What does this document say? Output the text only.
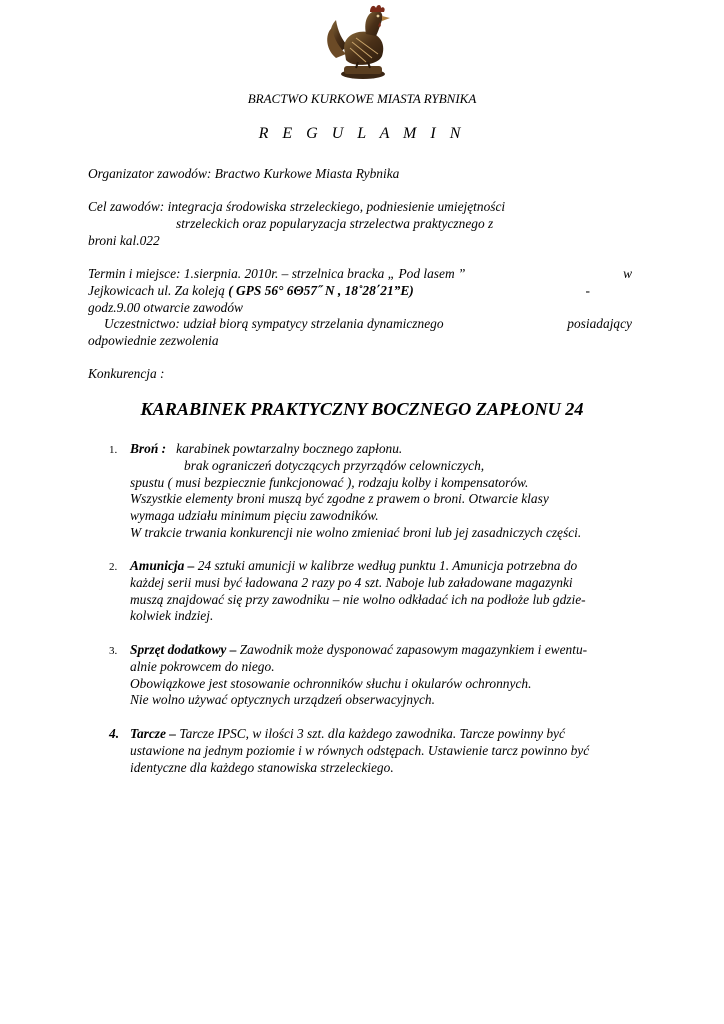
BRACTWO KURKOWE MIASTA RYBNIKA
R E G U L A M I N
Organizator zawodów: Bractwo Kurkowe Miasta Rybnika

Cel zawodów: integracja środowiska strzeleckiego, podniesienie umiejętności

strzeleckich oraz popularyzacja strzelectwa praktycznego z

broni kal.022

w
Termin i miejsce: 1.sierpnia. 2010r. – strzelnica bracka „ Pod lasem ”

-
Jejkowicach ul. Za koleją ( GPS 56° 6Θ57˝ N , 18˚28΄21”E)

godz.9.00 otwarcie zawodów

posiadający
Uczestnictwo: udział biorą sympatycy strzelania dynamicznego

odpowiednie zezwolenia

Konkurencja :
KARABINEK PRAKTYCZNY BOCZNEGO ZAPŁONU 24
1. Broń : karabinek powtarzalny bocznego zapłonu.

brak ograniczeń dotyczących przyrządów celowniczych,

spustu ( musi bezpiecznie funkcjonować ), rodzaju kolby i kompensatorów.

Wszystkie elementy broni muszą być zgodne z prawem o broni. Otwarcie klasy

wymaga udziału minimum pięciu zawodników.

W trakcie trwania konkurencji nie wolno zmieniać broni lub jej zasadniczych części.

2. Amunicja – 24 sztuki amunicji w kalibrze według punktu 1. Amunicja potrzebna do

każdej serii musi być ładowana 2 razy po 4 szt. Naboje lub załadowane magazynki

muszą znajdować się przy zawodniku – nie wolno odkładać ich na podłoże lub gdzie-

kolwiek indziej.

3. Sprzęt dodatkowy – Zawodnik może dysponować zapasowym magazynkiem i ewentu-

alnie pokrowcem do niego.

Obowiązkowe jest stosowanie ochronników słuchu i okularów ochronnych.

Nie wolno używać optycznych urządzeń obserwacyjnych.

4. Tarcze – Tarcze IPSC, w ilości 3 szt. dla każdego zawodnika. Tarcze powinny być

ustawione na jednym poziomie i w równych odstępach. Ustawienie tarcz powinno być

identyczne dla każdego stanowiska strzeleckiego.
